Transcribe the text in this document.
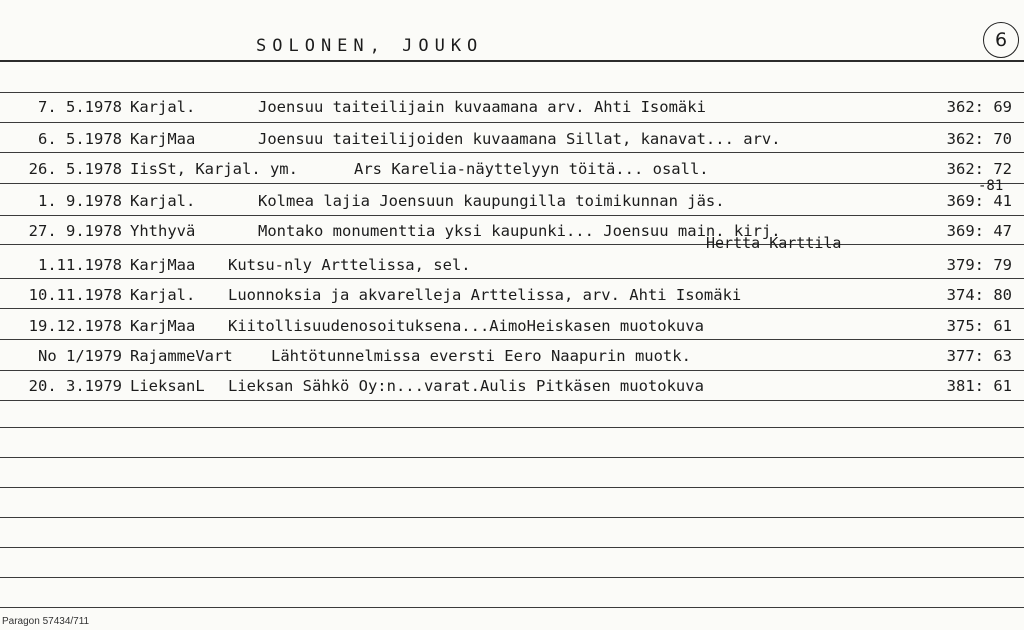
SOLONEN, JOUKO	6
7. 5.1978 Karjal.	Joensuu taiteilijain kuvaamana arv. Ahti Isomäki	362: 69
6. 5.1978 KarjMaa	Joensuu taiteilijoiden kuvaamana Sillat, kanavat... arv.	362: 70
26. 5.1978 IisSt, Karjal. ym.	Ars Karelia-näyttelyyn töitä... osall.	362: 72
1. 9.1978 Karjal.	Kolmea lajia Joensuun kaupungilla toimikunnan jäs.	369: 41
-81
27. 9.1978 Yhthyvä	Montako monumenttia yksi kaupunki... Joensuu main. kirj.	369: 47
Hertta Karttila
1.11.1978 KarjMaa Kutsu-nly Arttelissa, sel.	379: 79
10.11.1978 Karjal. Luonnoksia ja akvarelleja Arttelissa, arv. Ahti Isomäki	374: 80
19.12.1978 KarjMaa Kiitollisuudenosoituksena...AimoHeiskasen muotokuva	375: 61
No 1/1979 RajammeVart Lähtötunnelmissa eversti Eero Naapurin muotk.	377: 63
20. 3.1979 LieksanL Lieksan Sähkö Oy:n...varat.Aulis Pitkäsen muotokuva	381: 61
Paragon 57434/711
